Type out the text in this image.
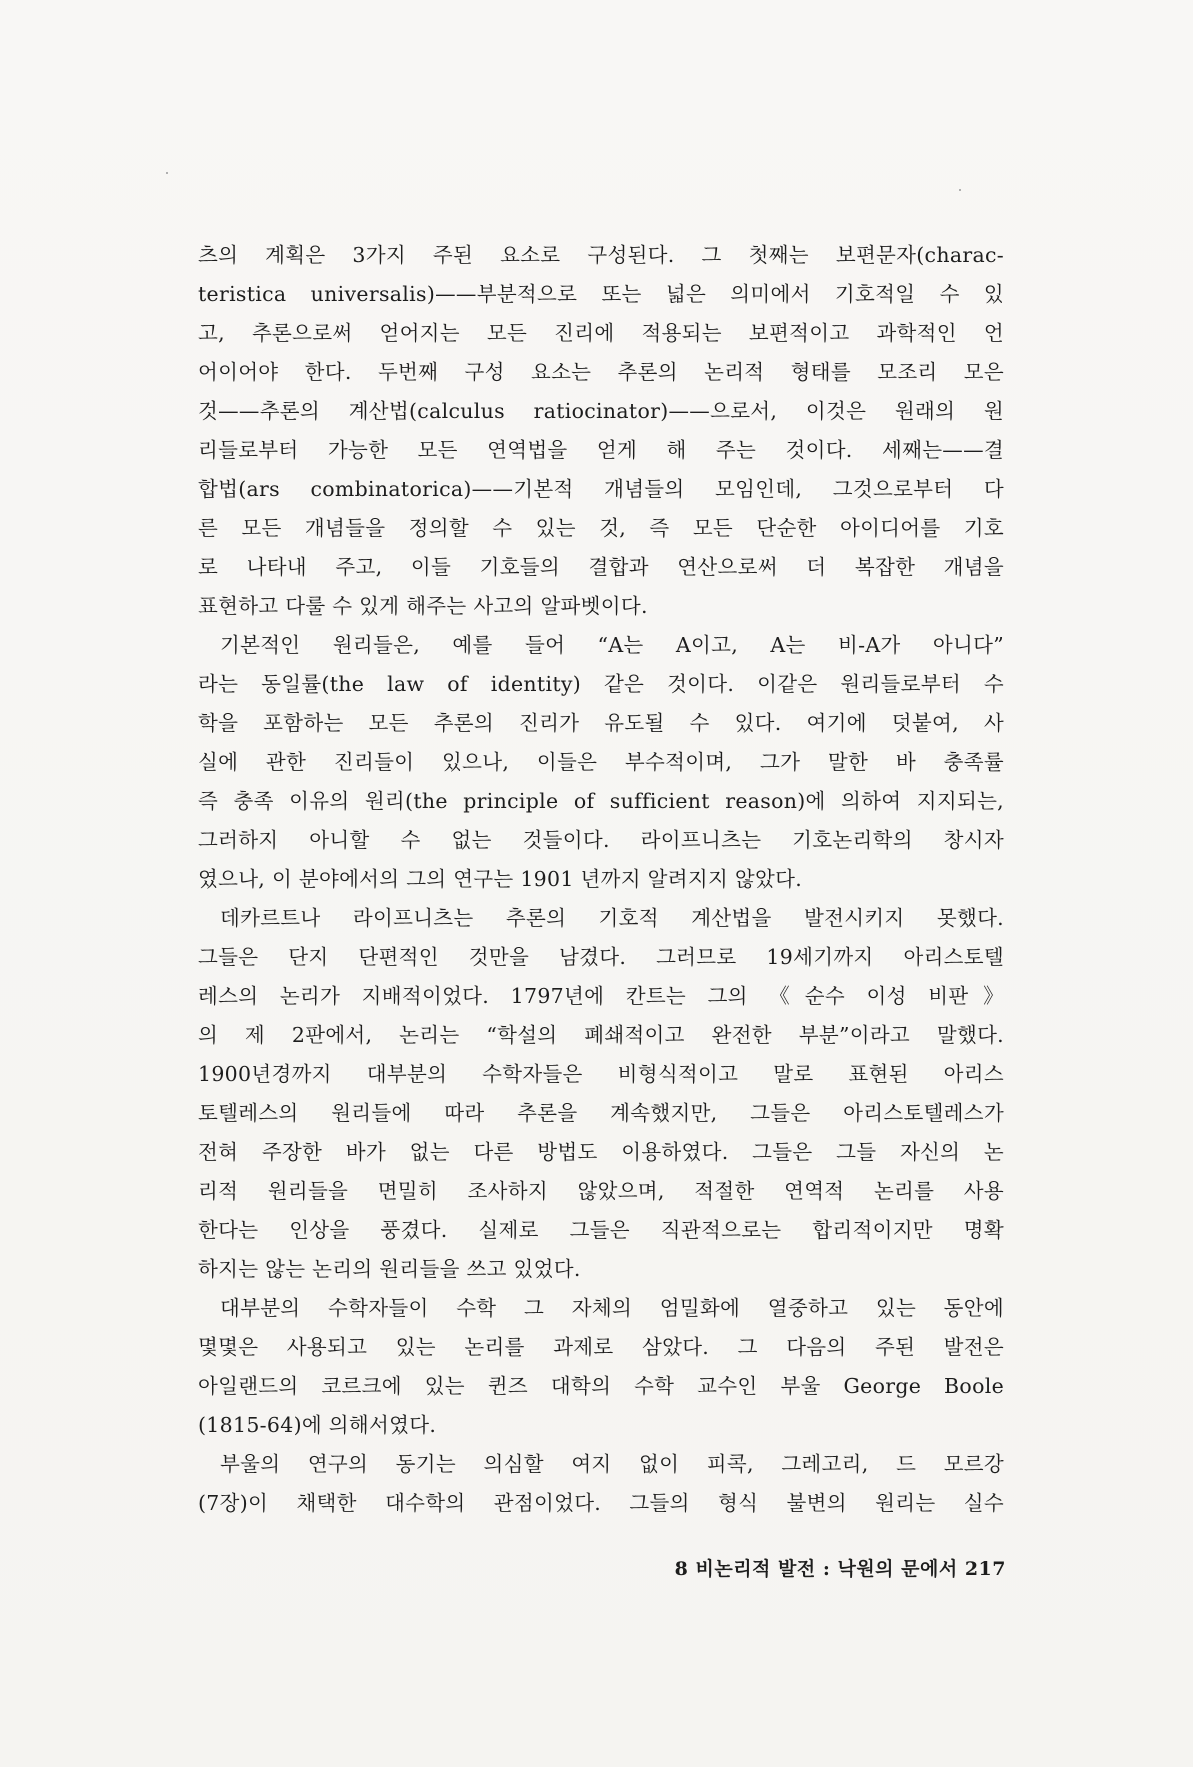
츠의 계획은 3가지 주된 요소로 구성된다. 그 첫째는 보편문자(charac-
teristica universalis)——부분적으로 또는 넓은 의미에서 기호적일 수 있
고, 추론으로써 얻어지는 모든 진리에 적용되는 보편적이고 과학적인 언
어이어야 한다. 두번째 구성 요소는 추론의 논리적 형태를 모조리 모은
것——추론의 계산법(calculus ratiocinator)——으로서, 이것은 원래의 원
리들로부터 가능한 모든 연역법을 얻게 해 주는 것이다. 세째는——결
합법(ars combinatorica)——기본적 개념들의 모임인데, 그것으로부터 다
른 모든 개념들을 정의할 수 있는 것, 즉 모든 단순한 아이디어를 기호
로 나타내 주고, 이들 기호들의 결합과 연산으로써 더 복잡한 개념을
표현하고 다룰 수 있게 해주는 사고의 알파벳이다.
기본적인 원리들은, 예를 들어 “A는 A이고, A는 비-A가 아니다”
라는 동일률(the law of identity) 같은 것이다. 이같은 원리들로부터 수
학을 포함하는 모든 추론의 진리가 유도될 수 있다. 여기에 덧붙여, 사
실에 관한 진리들이 있으나, 이들은 부수적이며, 그가 말한 바 충족률
즉 충족 이유의 원리(the principle of sufficient reason)에 의하여 지지되는,
그러하지 아니할 수 없는 것들이다. 라이프니츠는 기호논리학의 창시자
였으나, 이 분야에서의 그의 연구는 1901 년까지 알려지지 않았다.
데카르트나 라이프니츠는 추론의 기호적 계산법을 발전시키지 못했다.
그들은 단지 단편적인 것만을 남겼다. 그러므로 19세기까지 아리스토텔
레스의 논리가 지배적이었다. 1797년에 칸트는 그의 《순수 이성 비판》
의 제 2판에서, 논리는 “학설의 폐쇄적이고 완전한 부분”이라고 말했다.
1900년경까지 대부분의 수학자들은 비형식적이고 말로 표현된 아리스
토텔레스의 원리들에 따라 추론을 계속했지만, 그들은 아리스토텔레스가
전혀 주장한 바가 없는 다른 방법도 이용하였다. 그들은 그들 자신의 논
리적 원리들을 면밀히 조사하지 않았으며, 적절한 연역적 논리를 사용
한다는 인상을 풍겼다. 실제로 그들은 직관적으로는 합리적이지만 명확
하지는 않는 논리의 원리들을 쓰고 있었다.
대부분의 수학자들이 수학 그 자체의 엄밀화에 열중하고 있는 동안에
몇몇은 사용되고 있는 논리를 과제로 삼았다. 그 다음의 주된 발전은
아일랜드의 코르크에 있는 퀸즈 대학의 수학 교수인 부울 George Boole
(1815-64)에 의해서였다.
부울의 연구의 동기는 의심할 여지 없이 피콕, 그레고리, 드 모르강
(7장)이 채택한 대수학의 관점이었다. 그들의 형식 불변의 원리는 실수
8 비논리적 발전 : 낙원의 문에서 217
